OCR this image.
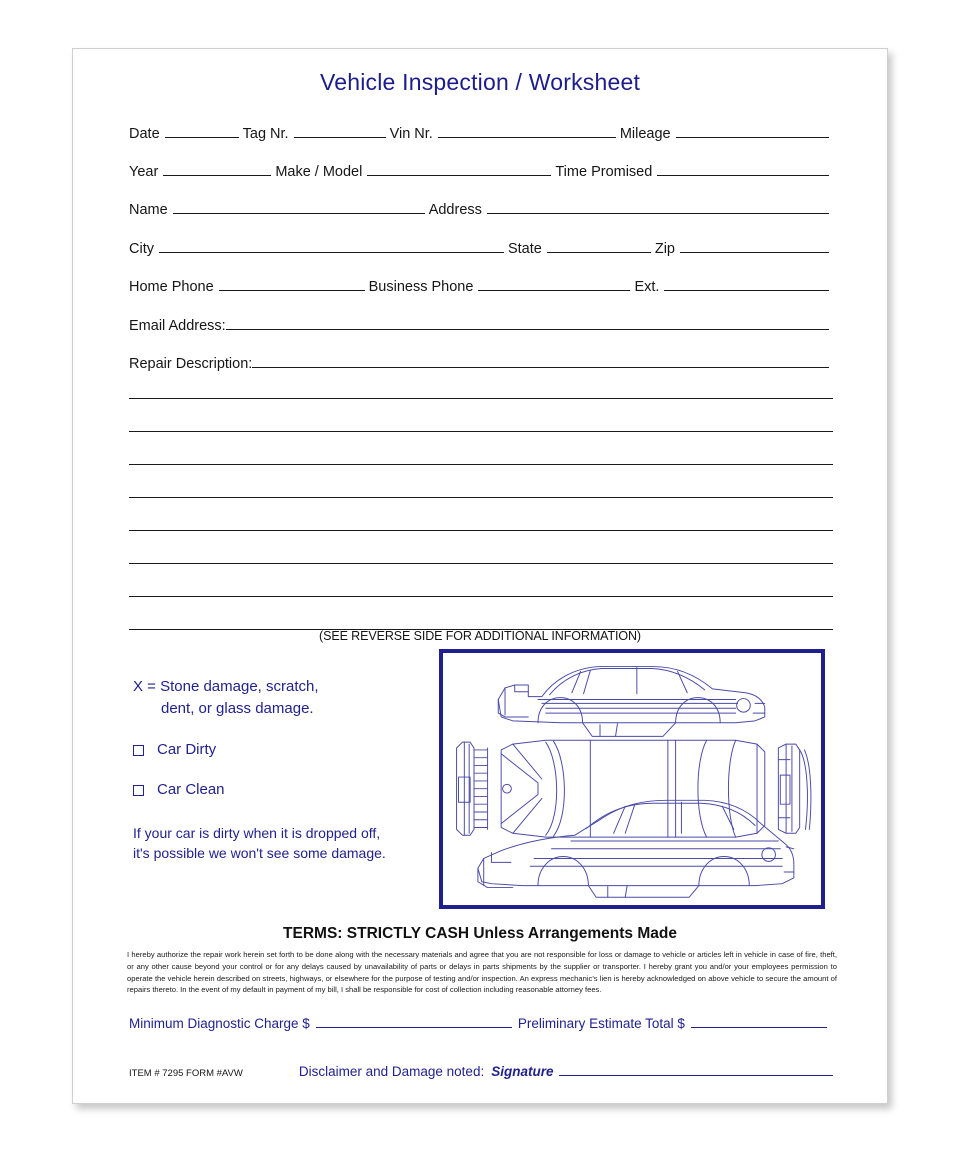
Vehicle Inspection / Worksheet
Date	Tag Nr.	Vin Nr.	Mileage
Year	Make / Model	Time Promised
Name	Address
City	State	Zip
Home Phone	Business Phone	Ext.
Email Address:
Repair Description:
(SEE REVERSE SIDE FOR ADDITIONAL INFORMATION)
X = Stone damage, scratch,
dent, or glass damage.
Car Dirty
Car Clean
If your car is dirty when it is dropped off,
it's possible we won't see some damage.
TERMS: STRICTLY CASH Unless Arrangements Made
I hereby authorize the repair work herein set forth to be done along with the necessary materials and agree that you are not responsible for loss or damage to vehicle or articles left in vehicle in case of fire, theft, or any other cause beyond your control or for any delays caused by unavailability of parts or delays in parts shipments by the supplier or transporter. I hereby grant you and/or your employees permission to operate the vehicle herein described on streets, highways, or elsewhere for the purpose of testing and/or inspection. An express mechanic's lien is hereby acknowledged on above vehicle to secure the amount of repairs thereto. In the event of my default in payment of my bill, I shall be responsible for cost of collection including reasonable attorney fees.
Minimum Diagnostic Charge $	Preliminary Estimate Total $
ITEM # 7295 FORM #AVW	Disclaimer and Damage noted: Signature
